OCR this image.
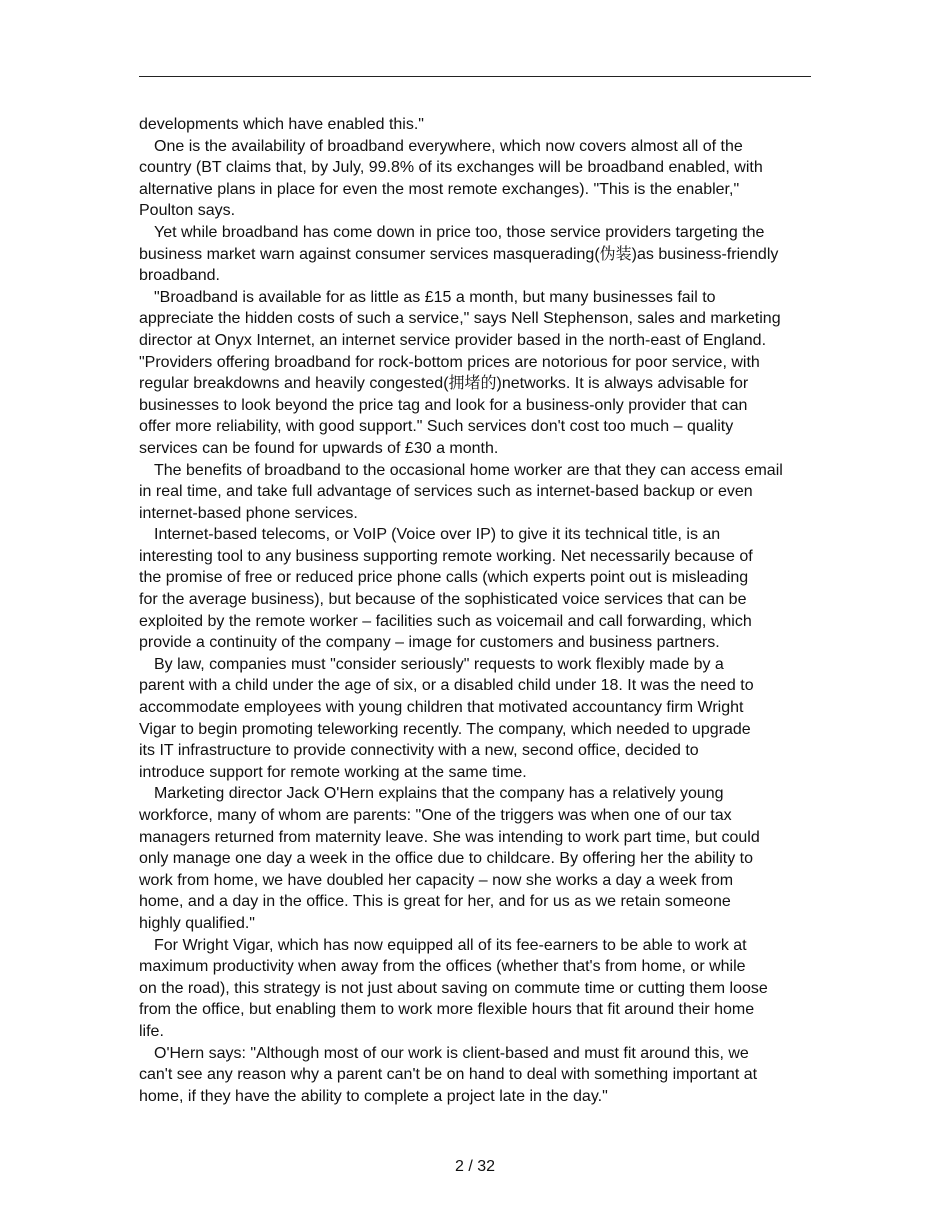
developments which have enabled this."

One is the availability of broadband everywhere, which now covers almost all of the
country (BT claims that, by July, 99.8% of its exchanges will be broadband enabled, with
alternative plans in place for even the most remote exchanges). "This is the enabler,"
Poulton says.

Yet while broadband has come down in price too, those service providers targeting the
business market warn against consumer services masquerading(伪装)as business-friendly
broadband.

"Broadband is available for as little as £15 a month, but many businesses fail to
appreciate the hidden costs of such a service," says Nell Stephenson, sales and marketing
director at Onyx Internet, an internet service provider based in the north-east of England.
"Providers offering broadband for rock-bottom prices are notorious for poor service, with
regular breakdowns and heavily congested(拥堵的)networks. It is always advisable for
businesses to look beyond the price tag and look for a business-only provider that can
offer more reliability, with good support." Such services don't cost too much – quality
services can be found for upwards of £30 a month.

The benefits of broadband to the occasional home worker are that they can access email
in real time, and take full advantage of services such as internet-based backup or even
internet-based phone services.

Internet-based telecoms, or VoIP (Voice over IP) to give it its technical title, is an
interesting tool to any business supporting remote working. Net necessarily because of
the promise of free or reduced price phone calls (which experts point out is misleading
for the average business), but because of the sophisticated voice services that can be
exploited by the remote worker – facilities such as voicemail and call forwarding, which
provide a continuity of the company – image for customers and business partners.

By law, companies must "consider seriously" requests to work flexibly made by a
parent with a child under the age of six, or a disabled child under 18. It was the need to
accommodate employees with young children that motivated accountancy firm Wright
Vigar to begin promoting teleworking recently. The company, which needed to upgrade
its IT infrastructure to provide connectivity with a new, second office, decided to
introduce support for remote working at the same time.

Marketing director Jack O'Hern explains that the company has a relatively young
workforce, many of whom are parents: "One of the triggers was when one of our tax
managers returned from maternity leave. She was intending to work part time, but could
only manage one day a week in the office due to childcare. By offering her the ability to
work from home, we have doubled her capacity – now she works a day a week from
home, and a day in the office. This is great for her, and for us as we retain someone
highly qualified."

For Wright Vigar, which has now equipped all of its fee-earners to be able to work at
maximum productivity when away from the offices (whether that's from home, or while
on the road), this strategy is not just about saving on commute time or cutting them loose
from the office, but enabling them to work more flexible hours that fit around their home
life.

O'Hern says: "Although most of our work is client-based and must fit around this, we
can't see any reason why a parent can't be on hand to deal with something important at
home, if they have the ability to complete a project late in the day."

2 / 32
